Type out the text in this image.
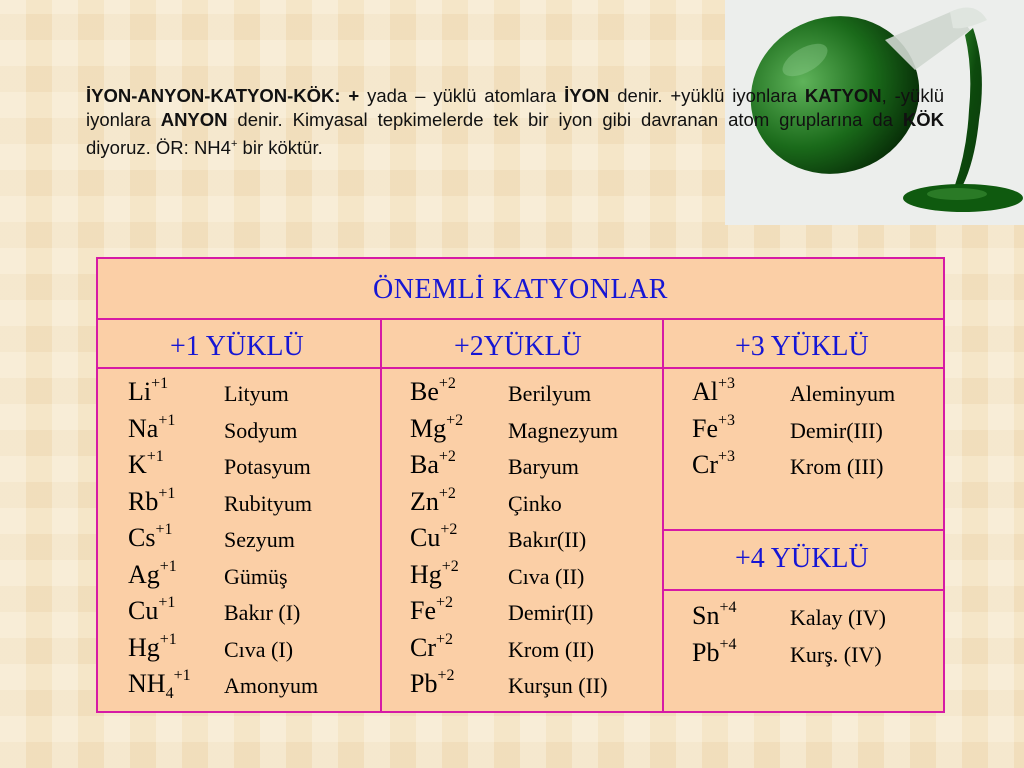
İYON-ANYON-KATYON-KÖK: + yada – yüklü atomlara İYON denir. +yüklü iyonlara KATYON, -yüklü iyonlara ANYON denir. Kimyasal tepkimelerde tek bir iyon gibi davranan atom gruplarına da KÖK diyoruz. ÖR: NH4+ bir köktür.
ÖNEMLİ KATYONLAR
+1 YÜKLÜ	+2YÜKLÜ	+3 YÜKLÜ
+4 YÜKLÜ
$Li^{+1}$	Lityum
$Na^{+1}$ Sodyum
$K^{+1}$	Potasyum
$Rb^{+1}$ Rubityum
$Cs^{+1}$ Sezyum
$Ag^{+1}$ Gümüş
$Cu^{+1}$ Bakır (I)
$Hg^{+1}$ Cıva (I)
$NH_4^{+1}$ Amonyum
$Be^{+2}$ Berilyum
$Mg^{+2}$ Magnezyum
$Ba^{+2}$ Baryum
$Zn^{+2}$ Çinko
$Cu^{+2}$ Bakır(II)
$Hg^{+2}$ Cıva (II)
$Fe^{+2}$ Demir(II)
$Cr^{+2}$ Krom (II)
$Pb^{+2}$ Kurşun (II)
$Al^{+3}$ Aleminyum
$Fe^{+3}$ Demir(III)
$Cr^{+3}$ Krom (III)
$Sn^{+4}$ Kalay (IV)
$Pb^{+4}$ Kurş. (IV)
